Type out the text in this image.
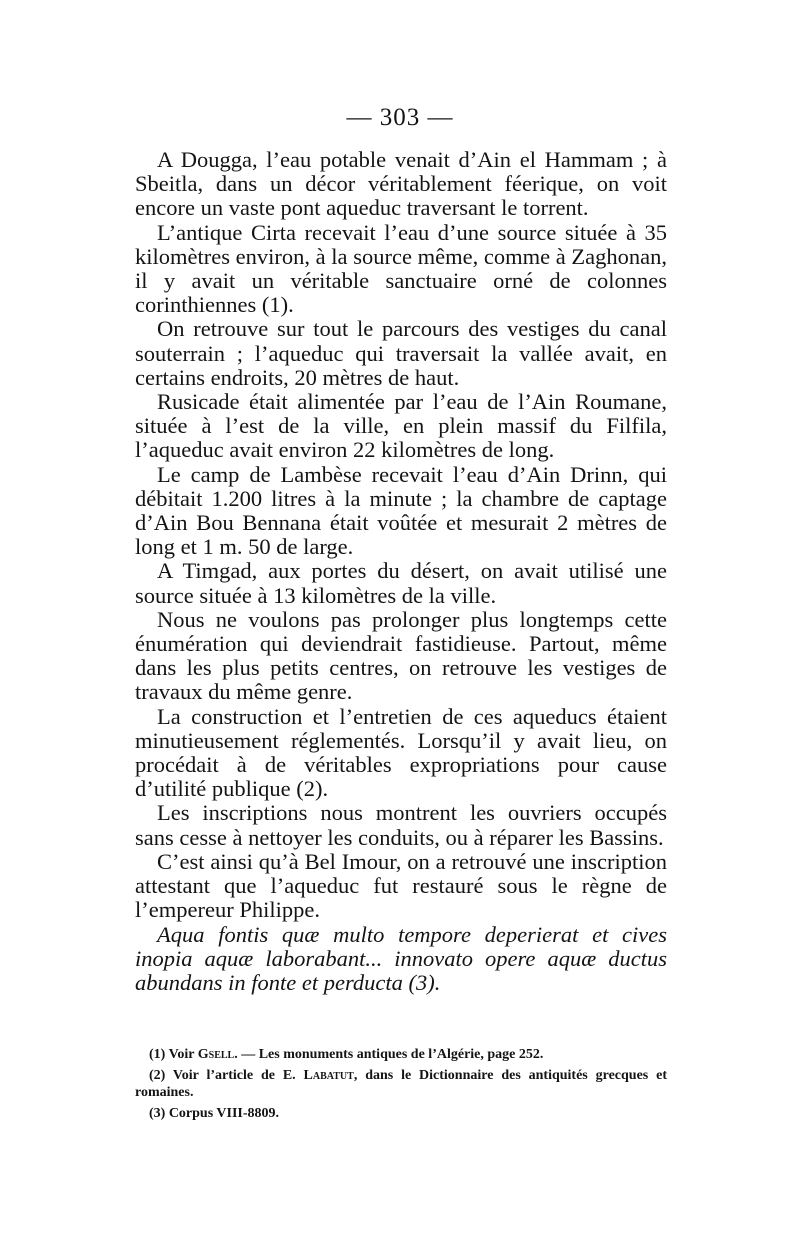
— 303 —

A Dougga, l’eau potable venait d’Ain el Hammam ; à Sbeitla, dans un décor véritablement féerique, on voit encore un vaste pont aqueduc traversant le torrent.

L’antique Cirta recevait l’eau d’une source située à 35 kilomètres environ, à la source même, comme à Zaghonan, il y avait un véritable sanctuaire orné de colonnes corinthiennes (1).

On retrouve sur tout le parcours des vestiges du canal souterrain ; l’aqueduc qui traversait la vallée avait, en certains endroits, 20 mètres de haut.

Rusicade était alimentée par l’eau de l’Ain Roumane, située à l’est de la ville, en plein massif du Filfila, l’aqueduc avait environ 22 kilomètres de long.

Le camp de Lambèse recevait l’eau d’Ain Drinn, qui débitait 1.200 litres à la minute ; la chambre de captage d’Ain Bou Bennana était voûtée et mesurait 2 mètres de long et 1 m. 50 de large.

A Timgad, aux portes du désert, on avait utilisé une source située à 13 kilomètres de la ville.

Nous ne voulons pas prolonger plus longtemps cette énumération qui deviendrait fastidieuse. Partout, même dans les plus petits centres, on retrouve les vestiges de travaux du même genre.

La construction et l’entretien de ces aqueducs étaient minutieusement réglementés. Lorsqu’il y avait lieu, on procédait à de véritables expropriations pour cause d’utilité publique (2).

Les inscriptions nous montrent les ouvriers occupés sans cesse à nettoyer les conduits, ou à réparer les Bassins.

C’est ainsi qu’à Bel Imour, on a retrouvé une inscription attestant que l’aqueduc fut restauré sous le règne de l’empereur Philippe.

Aqua fontis quæ multo tempore deperierat et cives inopia aquæ laborabant... innovato opere aquæ ductus abundans in fonte et perducta (3).

(1) Voir Gsell. — Les monuments antiques de l’Algérie, page 252.

(2) Voir l’article de E. Labatut, dans le Dictionnaire des antiquités grecques et romaines.

(3) Corpus VIII-8809.
